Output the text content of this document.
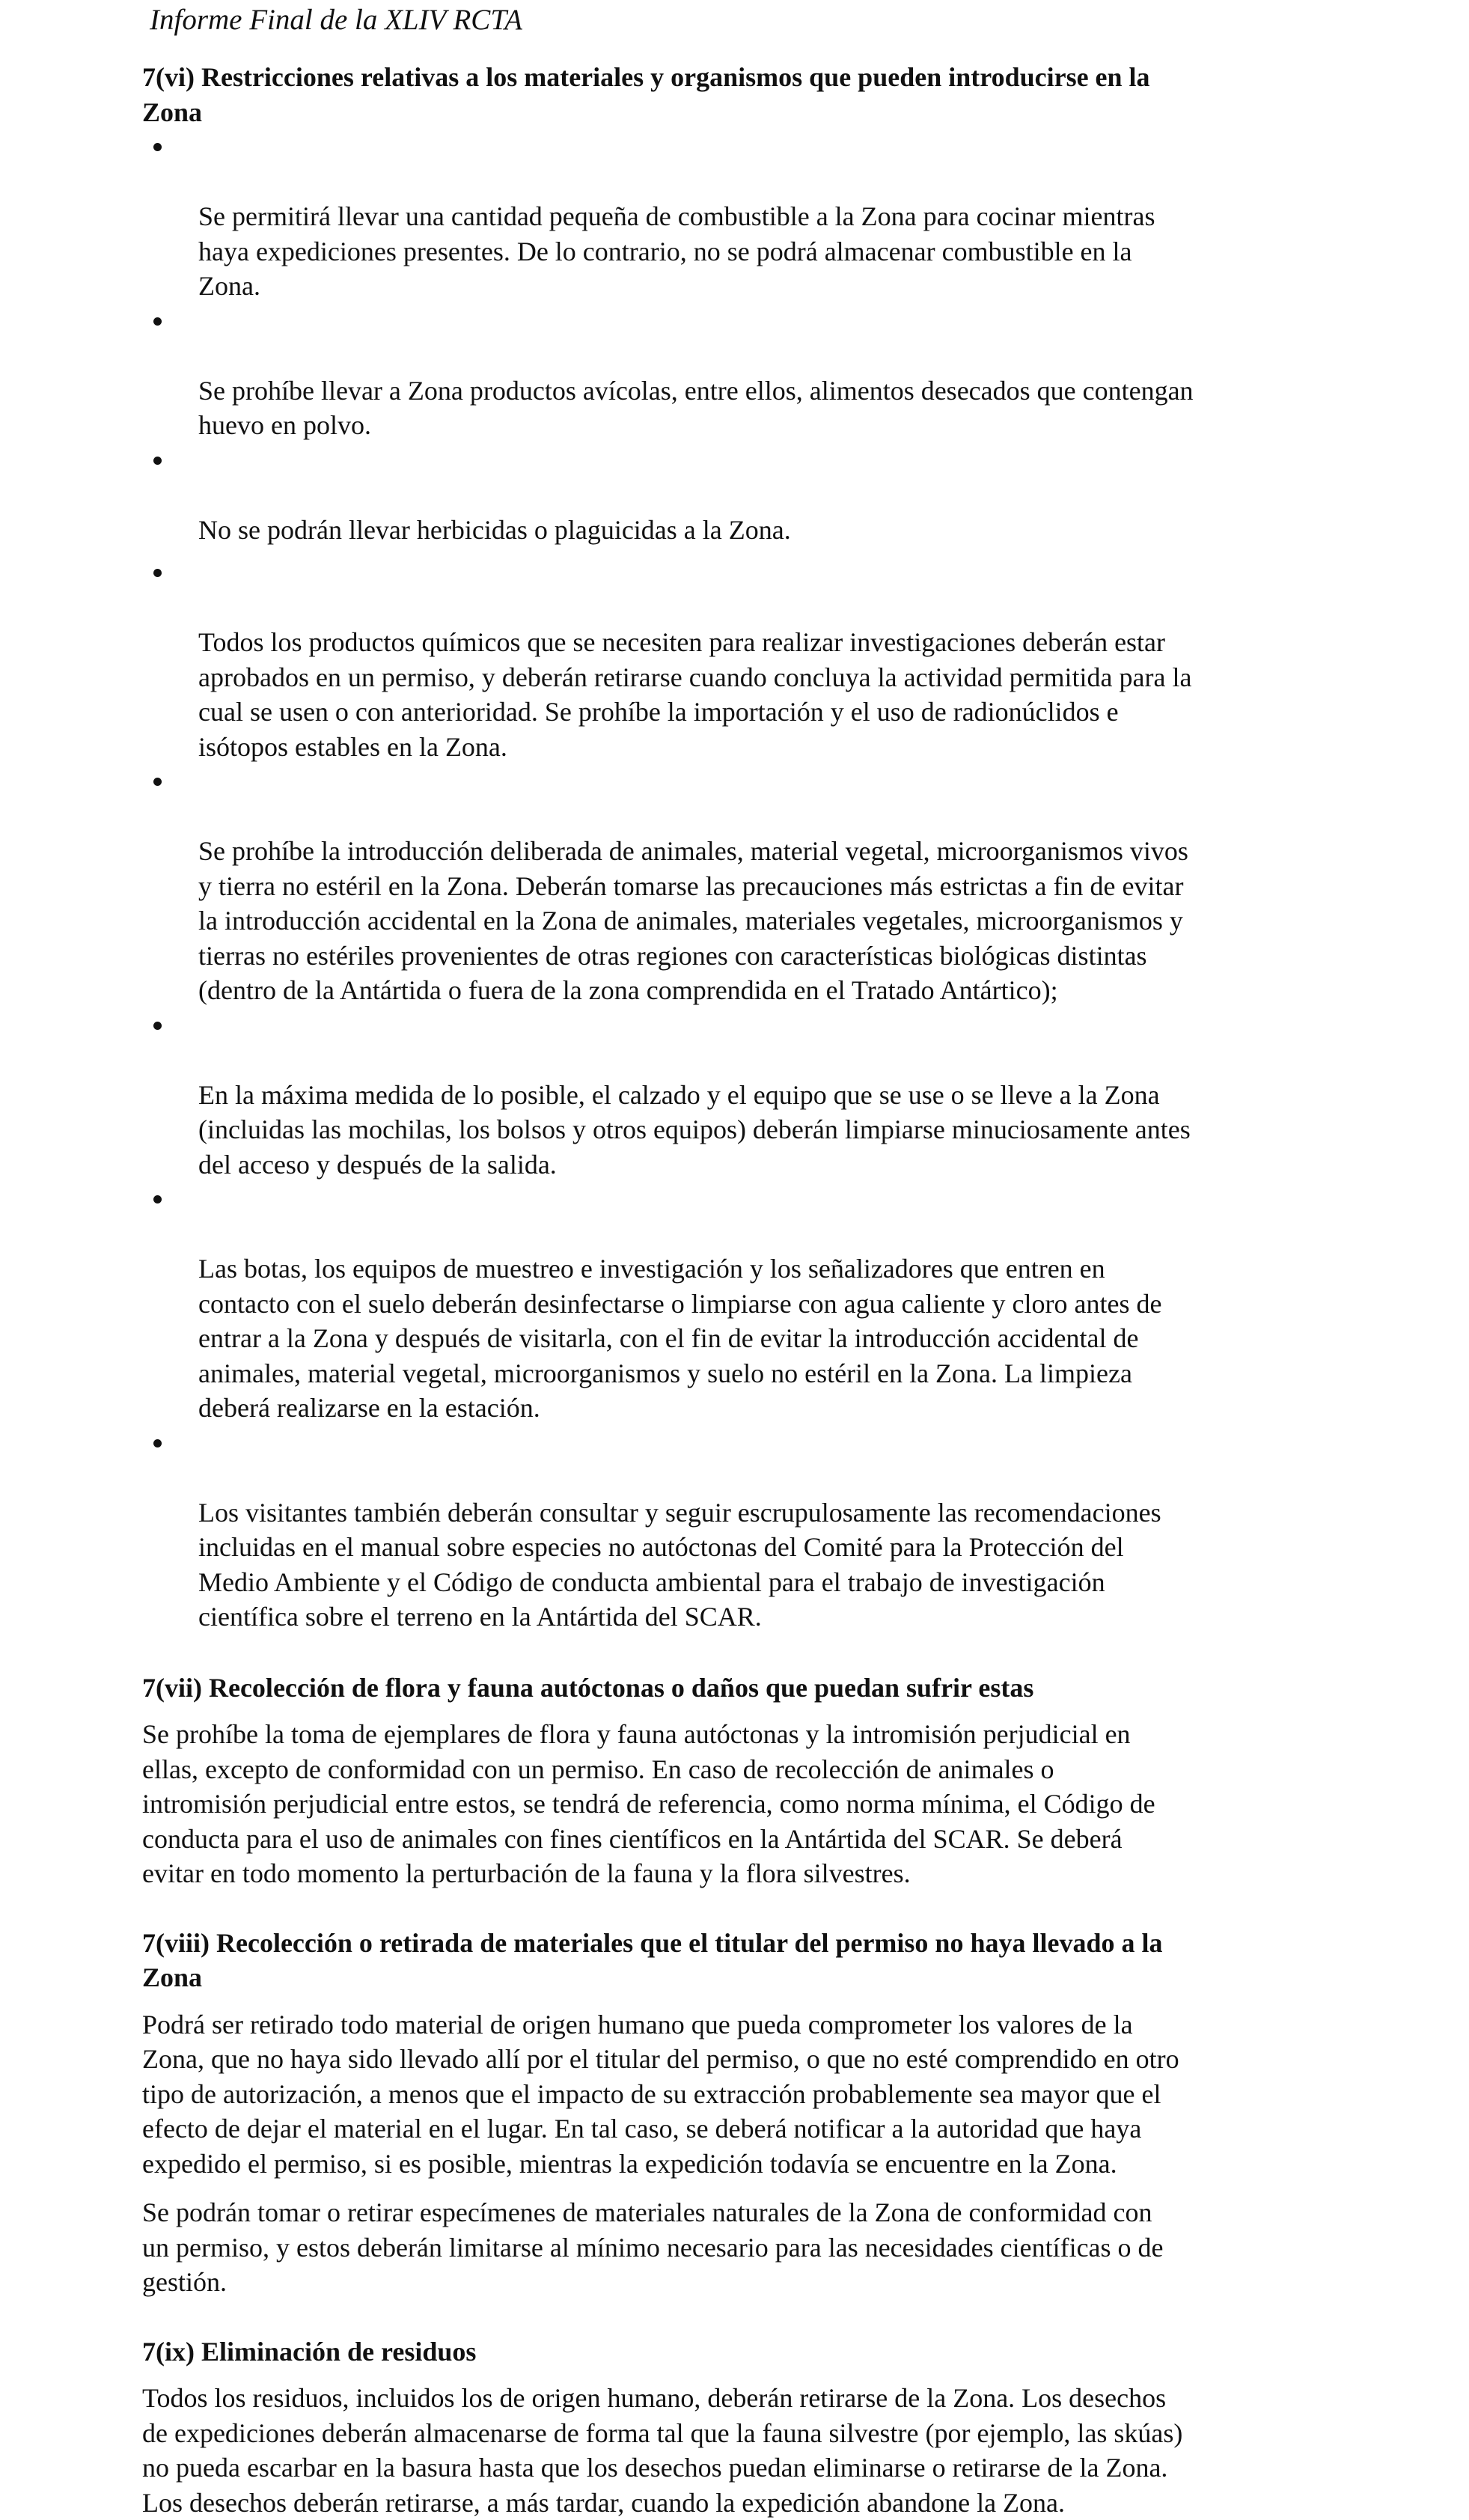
Informe Final de la XLIV RCTA
7(vi) Restricciones relativas a los materiales y organismos que pueden introducirse en la
Zona

Se permitirá llevar una cantidad pequeña de combustible a la Zona para cocinar mientras
haya expediciones presentes. De lo contrario, no se podrá almacenar combustible en la
Zona.

Se prohíbe llevar a Zona productos avícolas, entre ellos, alimentos desecados que contengan
huevo en polvo.

No se podrán llevar herbicidas o plaguicidas a la Zona.

Todos los productos químicos que se necesiten para realizar investigaciones deberán estar
aprobados en un permiso, y deberán retirarse cuando concluya la actividad permitida para la
cual se usen o con anterioridad. Se prohíbe la importación y el uso de radionúclidos e
isótopos estables en la Zona.

Se prohíbe la introducción deliberada de animales, material vegetal, microorganismos vivos
y tierra no estéril en la Zona. Deberán tomarse las precauciones más estrictas a fin de evitar
la introducción accidental en la Zona de animales, materiales vegetales, microorganismos y
tierras no estériles provenientes de otras regiones con características biológicas distintas
(dentro de la Antártida o fuera de la zona comprendida en el Tratado Antártico);

En la máxima medida de lo posible, el calzado y el equipo que se use o se lleve a la Zona
(incluidas las mochilas, los bolsos y otros equipos) deberán limpiarse minuciosamente antes
del acceso y después de la salida.

Las botas, los equipos de muestreo e investigación y los señalizadores que entren en
contacto con el suelo deberán desinfectarse o limpiarse con agua caliente y cloro antes de
entrar a la Zona y después de visitarla, con el fin de evitar la introducción accidental de
animales, material vegetal, microorganismos y suelo no estéril en la Zona. La limpieza
deberá realizarse en la estación.

Los visitantes también deberán consultar y seguir escrupulosamente las recomendaciones
incluidas en el manual sobre especies no autóctonas del Comité para la Protección del
Medio Ambiente y el Código de conducta ambiental para el trabajo de investigación
científica sobre el terreno en la Antártida del SCAR.

7(vii) Recolección de flora y fauna autóctonas o daños que puedan sufrir estas

Se prohíbe la toma de ejemplares de flora y fauna autóctonas y la intromisión perjudicial en
ellas, excepto de conformidad con un permiso. En caso de recolección de animales o
intromisión perjudicial entre estos, se tendrá de referencia, como norma mínima, el Código de
conducta para el uso de animales con fines científicos en la Antártida del SCAR. Se deberá
evitar en todo momento la perturbación de la fauna y la flora silvestres.

7(viii) Recolección o retirada de materiales que el titular del permiso no haya llevado a la
Zona

Podrá ser retirado todo material de origen humano que pueda comprometer los valores de la
Zona, que no haya sido llevado allí por el titular del permiso, o que no esté comprendido en otro
tipo de autorización, a menos que el impacto de su extracción probablemente sea mayor que el
efecto de dejar el material en el lugar. En tal caso, se deberá notificar a la autoridad que haya
expedido el permiso, si es posible, mientras la expedición todavía se encuentre en la Zona.

Se podrán tomar o retirar especímenes de materiales naturales de la Zona de conformidad con
un permiso, y estos deberán limitarse al mínimo necesario para las necesidades científicas o de
gestión.

7(ix) Eliminación de residuos

Todos los residuos, incluidos los de origen humano, deberán retirarse de la Zona. Los desechos
de expediciones deberán almacenarse de forma tal que la fauna silvestre (por ejemplo, las skúas)
no pueda escarbar en la basura hasta que los desechos puedan eliminarse o retirarse de la Zona.
Los desechos deberán retirarse, a más tardar, cuando la expedición abandone la Zona.
